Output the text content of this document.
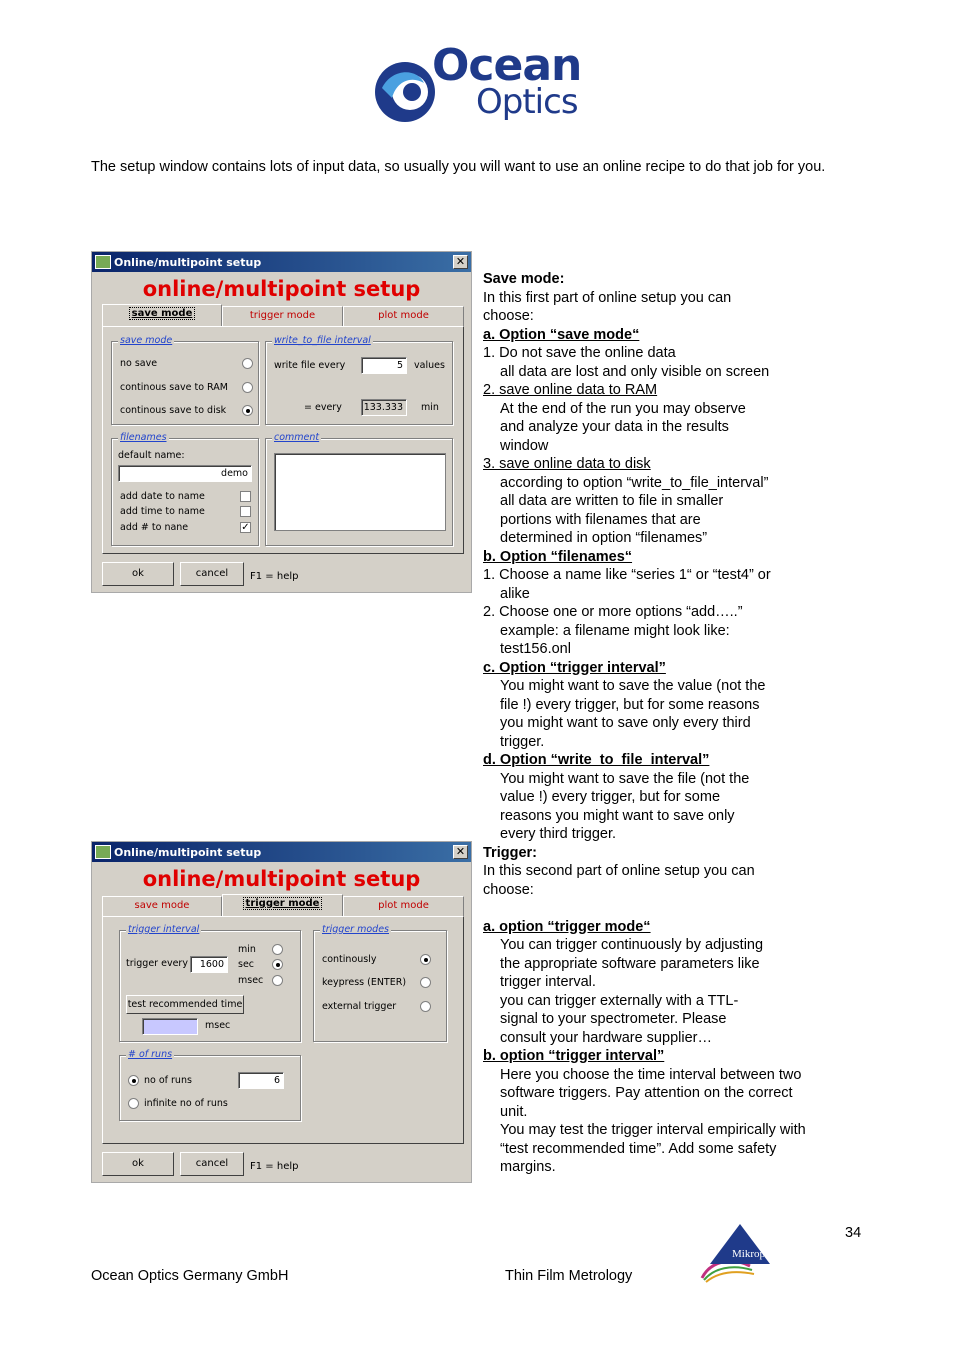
Ocean
Optics
The setup window contains lots of input data, so usually you will want to use an online recipe to do that job for you.
Online/multipoint setup	✕
online/multipoint setup
save mode	trigger mode	plot mode
save mode
no save
continous save to RAM
continous save to disk
write_to_file interval
write file every	5	values
= every 133.333	min
filenames
default name:
demo
add date to name
add time to name
add # to nane	✓
comment
ok	cancel	F1 = help
Online/multipoint setup	✕
online/multipoint setup
save mode	trigger mode	plot mode
trigger interval
trigger every	1600
min
sec
msec
test recommended time
msec
trigger modes
continously
keypress (ENTER)
external trigger
# of runs
no of runs	6
infinite no of runs
ok	cancel	F1 = help

Save mode:

In this first part of online setup you can

choose:

a. Option “save mode“

1. Do not save the online data

all data are lost and only visible on screen

2. save online data to RAM

At the end of the run you may observe

and analyze your data in the results

window

3. save online data to disk

according to option “write_to_file_interval”

all data are written to file in smaller

portions with filenames that are

determined in option “filenames”

b. Option “filenames“

1. Choose a name like “series 1“ or “test4” or

alike

2. Choose one or more options “add…..”

example: a filename might look like:

test156.onl

c. Option “trigger interval”

You might want to save the value (not the

file !) every trigger, but for some reasons

you might want to save only every third

trigger.

d. Option “write_to_file_interval”

You might want to save the file (not the

value !) every trigger, but for some

reasons you might want to save only

every third trigger.

Trigger:

In this second part of online setup you can

choose:

a. option “trigger mode“

You can trigger continuously by adjusting

the appropriate software parameters like

trigger interval.

you can trigger externally with a TTL-

signal to your spectrometer. Please

consult your hardware supplier…

b. option “trigger interval”

Here you choose the time interval between two

software triggers. Pay attention on the correct

unit.

You may test the trigger interval empirically with

“test recommended time”. Add some safety

margins.

34
Ocean Optics Germany GmbH	Thin Film Metrology
Mikropack
